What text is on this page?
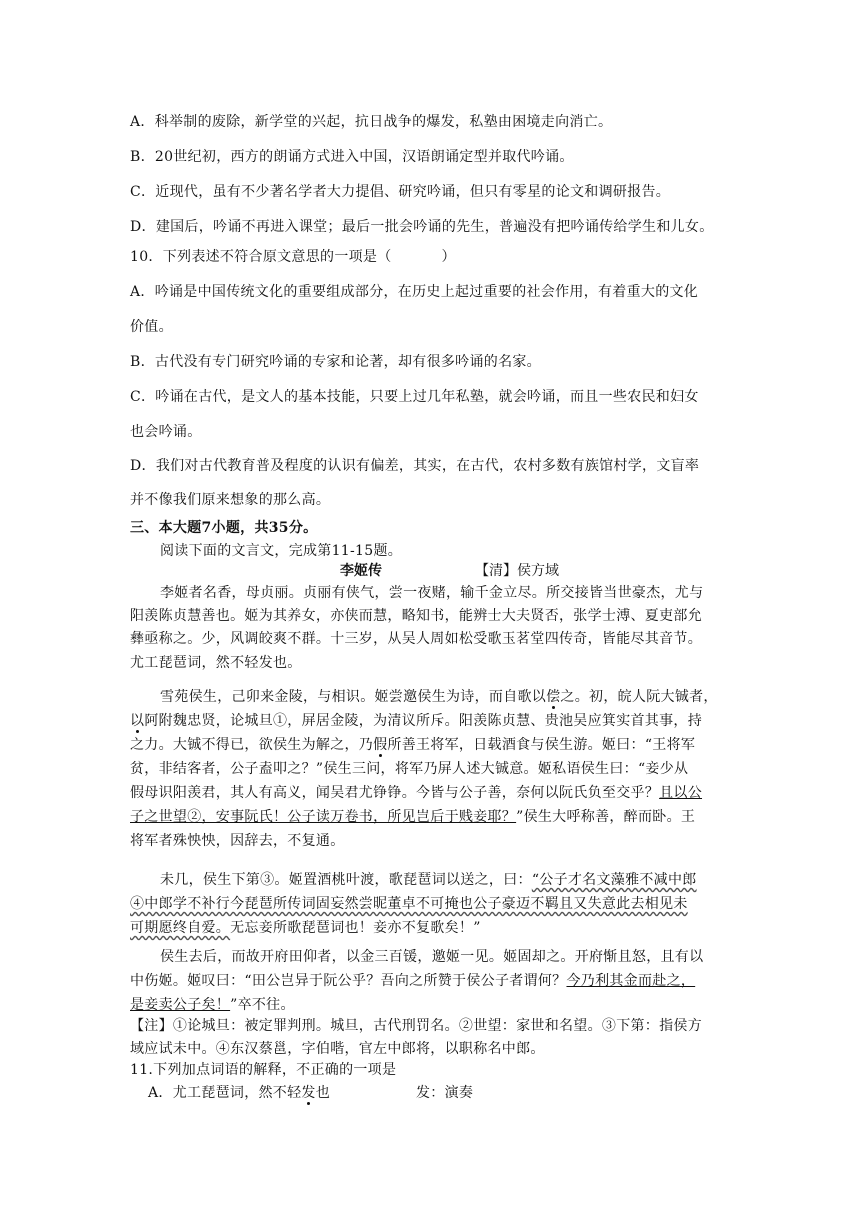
A．科举制的废除，新学堂的兴起，抗日战争的爆发，私塾由困境走向消亡。
B．20世纪初，西方的朗诵方式进入中国，汉语朗诵定型并取代吟诵。
C．近现代，虽有不少著名学者大力提倡、研究吟诵，但只有零星的论文和调研报告。
D．建国后，吟诵不再进入课堂；最后一批会吟诵的先生，普遍没有把吟诵传给学生和儿女。
10．下列表述不符合原文意思的一项是（	）
A．吟诵是中国传统文化的重要组成部分，在历史上起过重要的社会作用，有着重大的文化
价值。
B．古代没有专门研究吟诵的专家和论著，却有很多吟诵的名家。
C．吟诵在古代，是文人的基本技能，只要上过几年私塾，就会吟诵，而且一些农民和妇女
也会吟诵。
D．我们对古代教育普及程度的认识有偏差，其实，在古代，农村多数有族馆村学，文盲率
并不像我们原来想象的那么高。
三、本大题7小题，共35分。
阅读下面的文言文，完成第11-15题。
李姬传	【清】侯方域
李姬者名香，母贞丽。贞丽有侠气，尝一夜赌，输千金立尽。所交接皆当世豪杰，尤与
阳羡陈贞慧善也。姬为其养女，亦侠而慧，略知书，能辨士大夫贤否，张学士溥、夏吏部允
彝亟称之。少，风调皎爽不群。十三岁，从吴人周如松受歌玉茗堂四传奇，皆能尽其音节。
尤工琵琶词，然不轻发也。
雪苑侯生，己卯来金陵，与相识。姬尝邀侯生为诗，而自歌以偿之。初，皖人阮大铖者，
以阿附魏忠贤，论城旦①，屏居金陵，为清议所斥。阳羡陈贞慧、贵池吴应箕实首其事，持
之力。大铖不得已，欲侯生为解之，乃假所善王将军，日载酒食与侯生游。姬曰：“王将军
贫，非结客者，公子盍叩之？”侯生三问，将军乃屏人述大铖意。姬私语侯生曰：“妾少从
假母识阳羡君，其人有高义，闻吴君尤铮铮。今皆与公子善，奈何以阮氏负至交乎？且以公
子之世望②，安事阮氏！公子读万卷书，所见岂后于贱妾耶？”侯生大呼称善，醉而卧。王
将军者殊怏怏，因辞去，不复通。
未几，侯生下第③。姬置酒桃叶渡，歌琵琶词以送之，曰：“公子才名文藻雅不减中郎
④中郎学不补行今琵琶所传词固妄然尝昵董卓不可掩也公子豪迈不羁且又失意此去相见未
可期愿终自爱。无忘妾所歌琵琶词也！妾亦不复歌矣！”
侯生去后，而故开府田仰者，以金三百锾，邀姬一见。姬固却之。开府惭且怒，且有以
中伤姬。姬叹曰：“田公岂异于阮公乎？吾向之所赞于侯公子者谓何？今乃利其金而赴之，
是妾卖公子矣！”卒不往。
【注】①论城旦：被定罪判刑。城旦，古代刑罚名。②世望：家世和名望。③下第：指侯方
域应试未中。④东汉蔡邕，字伯喈，官左中郎将，以职称名中郎。
11.下列加点词语的解释，不正确的一项是
A．尤工琵琶词，然不轻发也	发：演奏
